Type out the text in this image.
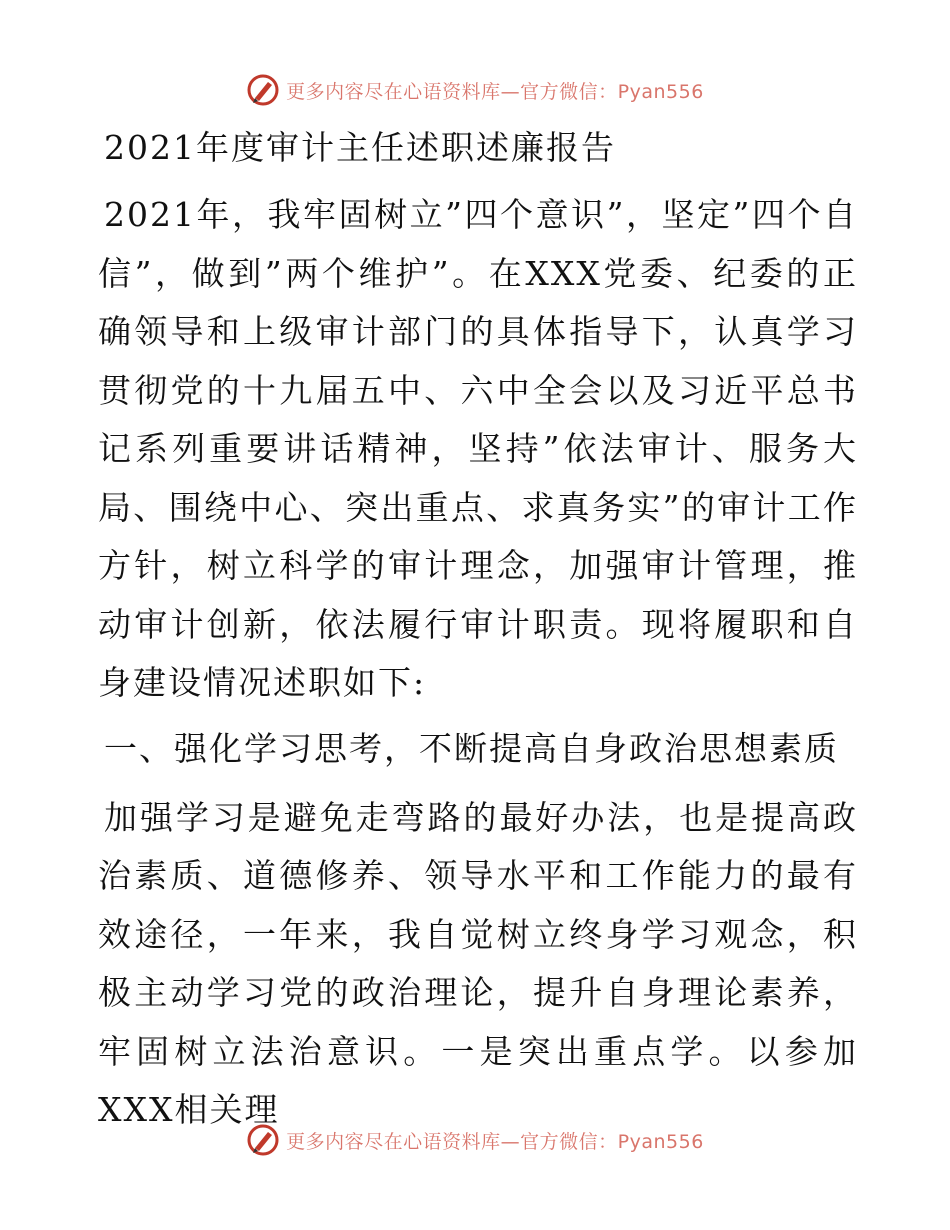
更多内容尽在心语资料库—官方微信：Pyan556
2021年度审计主任述职述廉报告

2021年，我牢固树立”四个意识”，坚定”四个自信”，做到”两个维护”。在XXX党委、纪委的正确领导和上级审计部门的具体指导下，认真学习贯彻党的十九届五中、六中全会以及习近平总书记系列重要讲话精神，坚持”依法审计、服务大局、围绕中心、突出重点、求真务实”的审计工作方针，树立科学的审计理念，加强审计管理，推动审计创新，依法履行审计职责。现将履职和自身建设情况述职如下:

一、强化学习思考，不断提高自身政治思想素质

加强学习是避免走弯路的最好办法，也是提高政治素质、道德修养、领导水平和工作能力的最有效途径，一年来，我自觉树立终身学习观念，积极主动学习党的政治理论，提升自身理论素养，牢固树立法治意识。一是突出重点学。以参加XXX相关理

更多内容尽在心语资料库—官方微信：Pyan556
